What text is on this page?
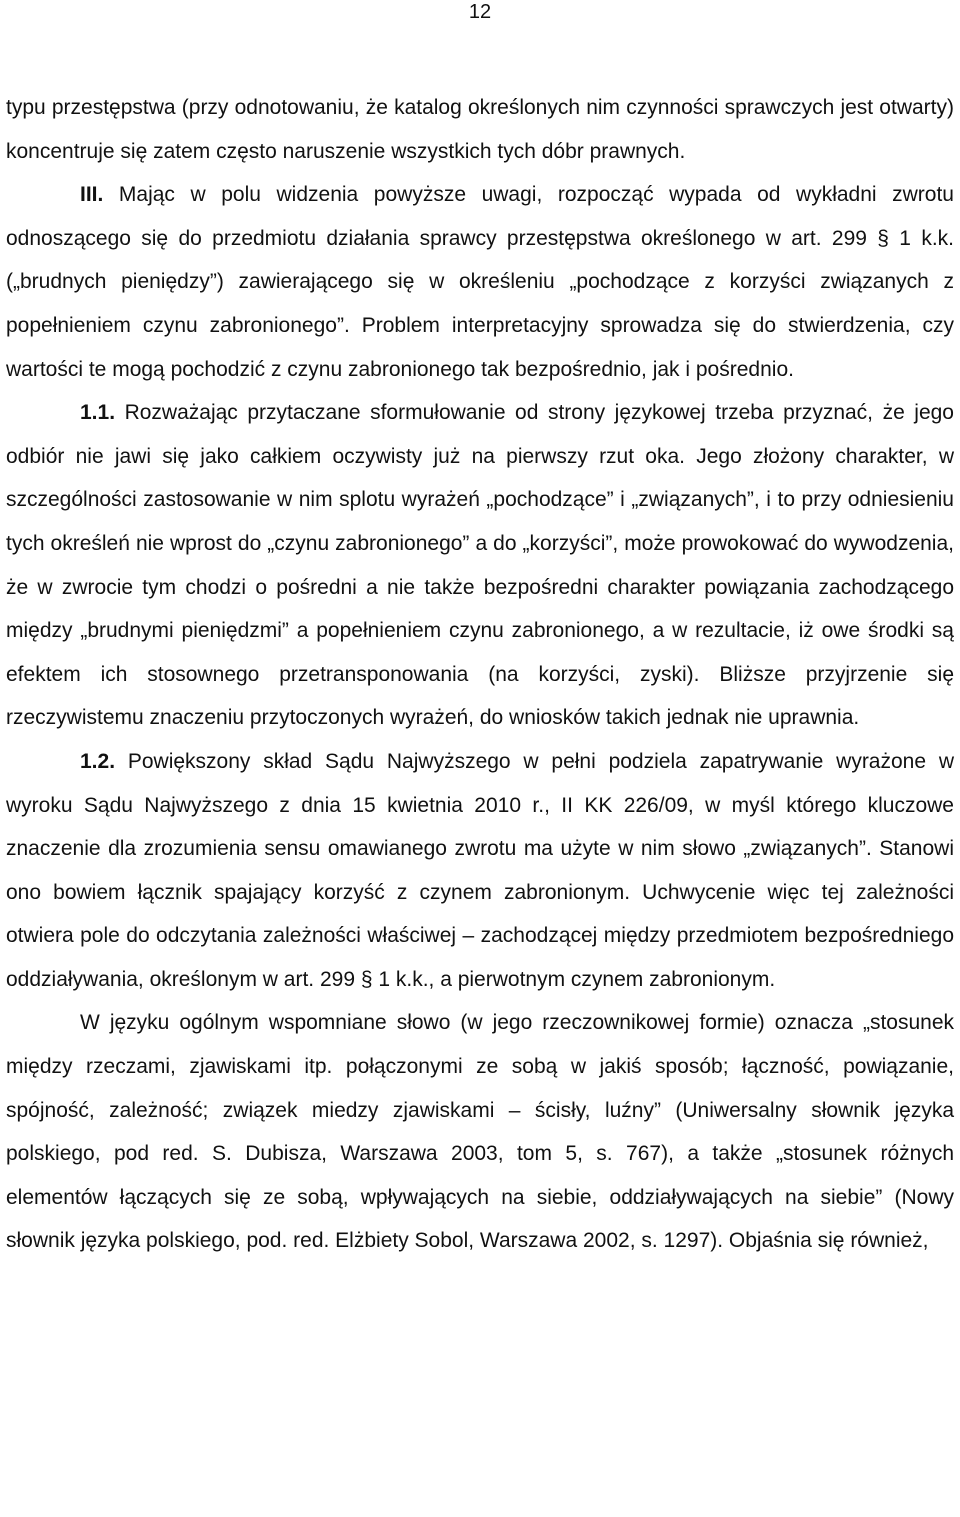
12

typu przestępstwa (przy odnotowaniu, że katalog określonych nim czynności sprawczych jest otwarty) koncentruje się zatem często naruszenie wszystkich tych dóbr prawnych.

III. Mając w polu widzenia powyższe uwagi, rozpocząć wypada od wykładni zwrotu odnoszącego się do przedmiotu działania sprawcy przestępstwa określonego w art. 299 § 1 k.k. („brudnych pieniędzy”) zawierającego się w określeniu „pochodzące z korzyści związanych z popełnieniem czynu zabronionego”. Problem interpretacyjny sprowadza się do stwierdzenia, czy wartości te mogą pochodzić z czynu zabronionego tak bezpośrednio, jak i pośrednio.

1.1. Rozważając przytaczane sformułowanie od strony językowej trzeba przyznać, że jego odbiór nie jawi się jako całkiem oczywisty już na pierwszy rzut oka. Jego złożony charakter, w szczególności zastosowanie w nim splotu wyrażeń „pochodzące” i „związanych”, i to przy odniesieniu tych określeń nie wprost do „czynu zabronionego” a do „korzyści”, może prowokować do wywodzenia, że w zwrocie tym chodzi o pośredni a nie także bezpośredni charakter powiązania zachodzącego między „brudnymi pieniędzmi” a popełnieniem czynu zabronionego, a w rezultacie, iż owe środki są efektem ich stosownego przetransponowania (na korzyści, zyski). Bliższe przyjrzenie się rzeczywistemu znaczeniu przytoczonych wyrażeń, do wniosków takich jednak nie uprawnia.

1.2. Powiększony skład Sądu Najwyższego w pełni podziela zapatrywanie wyrażone w wyroku Sądu Najwyższego z dnia 15 kwietnia 2010 r., II KK 226/09, w myśl którego kluczowe znaczenie dla zrozumienia sensu omawianego zwrotu ma użyte w nim słowo „związanych”. Stanowi ono bowiem łącznik spajający korzyść z czynem zabronionym. Uchwycenie więc tej zależności otwiera pole do odczytania zależności właściwej – zachodzącej między przedmiotem bezpośredniego oddziaływania, określonym w art. 299 § 1 k.k., a pierwotnym czynem zabronionym.

W języku ogólnym wspomniane słowo (w jego rzeczownikowej formie) oznacza „stosunek między rzeczami, zjawiskami itp. połączonymi ze sobą w jakiś sposób; łączność, powiązanie, spójność, zależność; związek miedzy zjawiskami – ścisły, luźny” (Uniwersalny słownik języka polskiego, pod red. S. Dubisza, Warszawa 2003, tom 5, s. 767), a także „stosunek różnych elementów łączących się ze sobą, wpływających na siebie, oddziaływających na siebie” (Nowy słownik języka polskiego, pod. red. Elżbiety Sobol, Warszawa 2002, s. 1297). Objaśnia się również,
